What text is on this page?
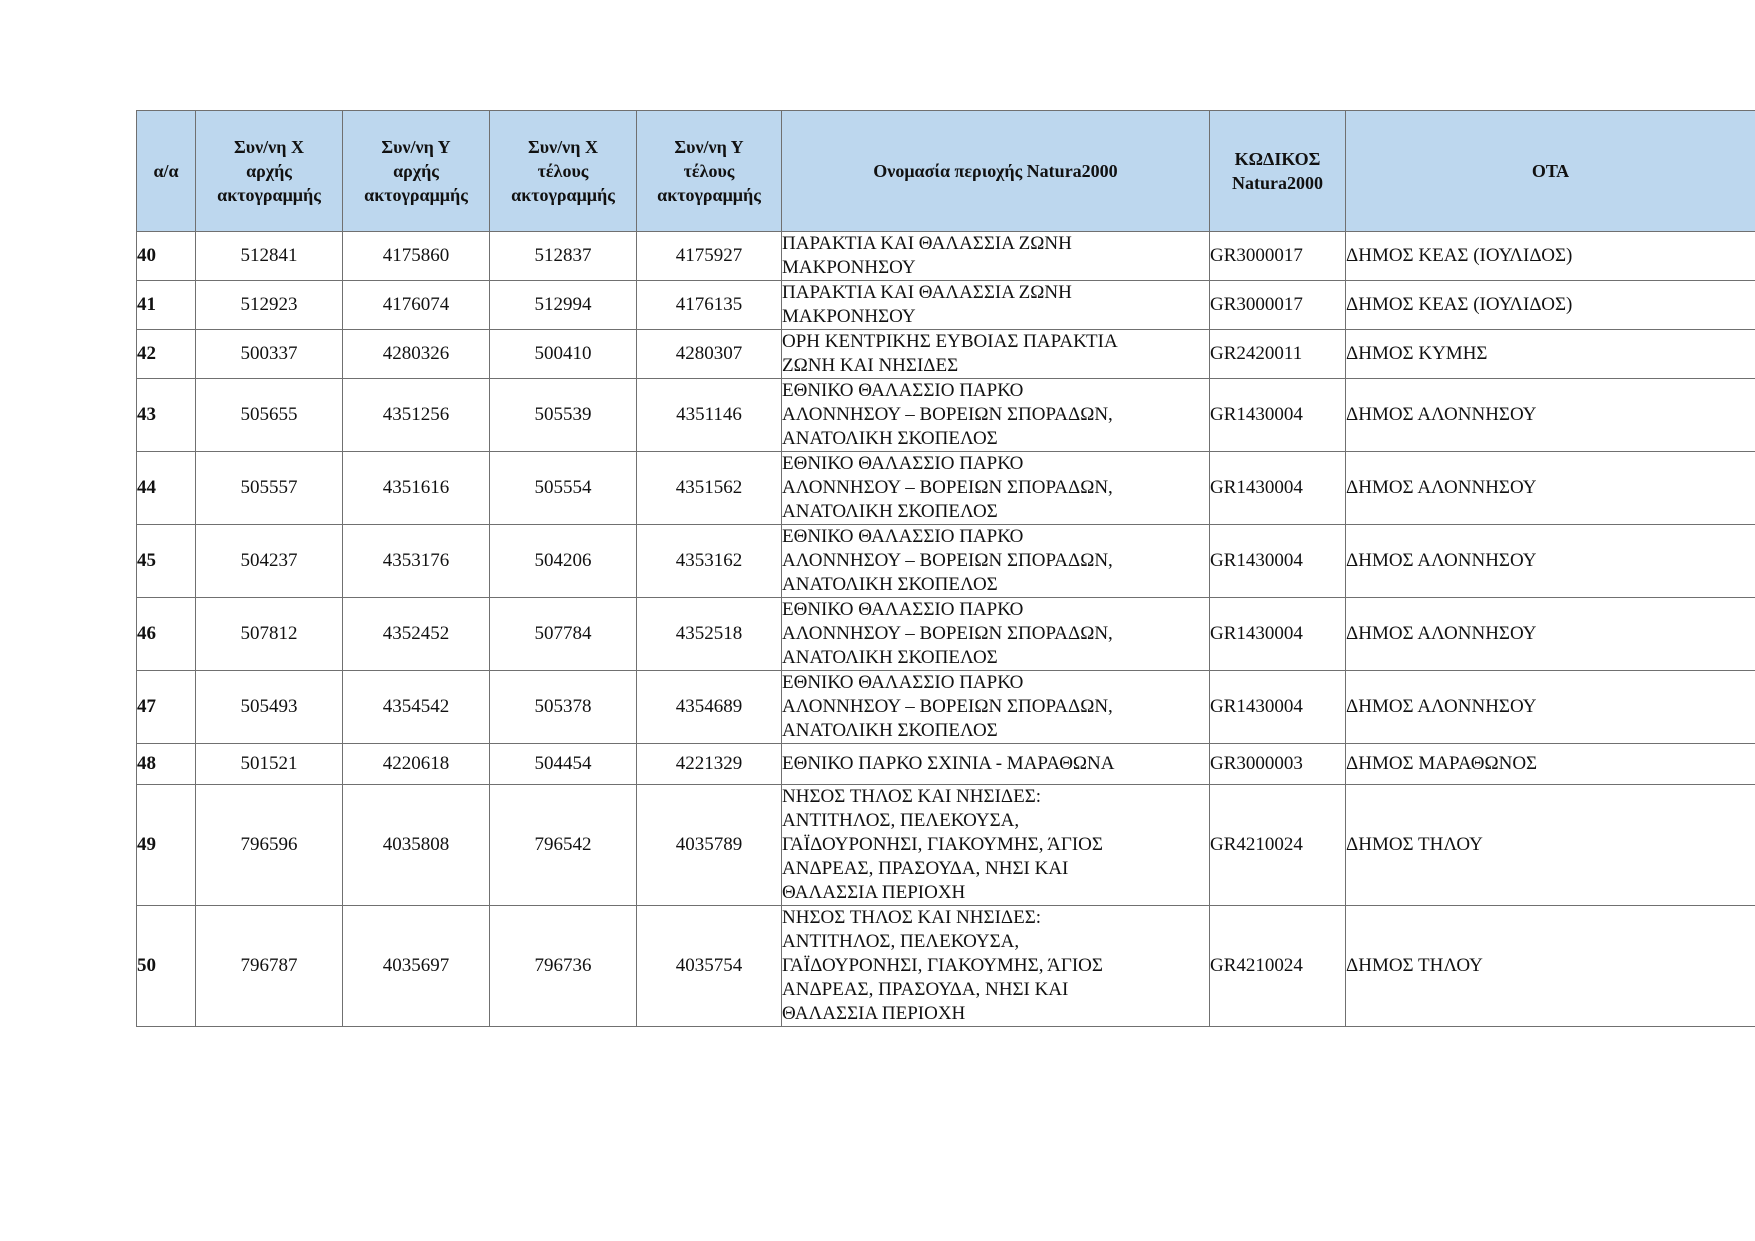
α/α	Συν/νη Χ
αρχής
ακτογραμμής	Συν/νη Υ
αρχής
ακτογραμμής	Συν/νη Χ
τέλους
ακτογραμμής	Συν/νη Υ
τέλους
ακτογραμμής	Ονομασία περιοχής Natura2000	ΚΩΔΙΚΟΣ
Natura2000	ΟΤΑ

40	512841	4175860	512837	4175927	ΠΑΡΑΚΤΙΑ ΚΑΙ ΘΑΛΑΣΣΙΑ ΖΩΝΗ
ΜΑΚΡΟΝΗΣΟΥ	GR3000017	ΔΗΜΟΣ ΚΕΑΣ (ΙΟΥΛΙΔΟΣ)
41	512923	4176074	512994	4176135	ΠΑΡΑΚΤΙΑ ΚΑΙ ΘΑΛΑΣΣΙΑ ΖΩΝΗ
ΜΑΚΡΟΝΗΣΟΥ	GR3000017	ΔΗΜΟΣ ΚΕΑΣ (ΙΟΥΛΙΔΟΣ)
42	500337	4280326	500410	4280307	ΟΡΗ ΚΕΝΤΡΙΚΗΣ ΕΥΒΟΙΑΣ ΠΑΡΑΚΤΙΑ
ΖΩΝΗ ΚΑΙ ΝΗΣΙΔΕΣ	GR2420011	ΔΗΜΟΣ ΚΥΜΗΣ
43	505655	4351256	505539	4351146	ΕΘΝΙΚΟ ΘΑΛΑΣΣΙΟ ΠΑΡΚΟ
ΑΛΟΝΝΗΣΟΥ – ΒΟΡΕΙΩΝ ΣΠΟΡΑΔΩΝ,
ΑΝΑΤΟΛΙΚΗ ΣΚΟΠΕΛΟΣ	GR1430004	ΔΗΜΟΣ ΑΛΟΝΝΗΣΟΥ
44	505557	4351616	505554	4351562	ΕΘΝΙΚΟ ΘΑΛΑΣΣΙΟ ΠΑΡΚΟ
ΑΛΟΝΝΗΣΟΥ – ΒΟΡΕΙΩΝ ΣΠΟΡΑΔΩΝ,
ΑΝΑΤΟΛΙΚΗ ΣΚΟΠΕΛΟΣ	GR1430004	ΔΗΜΟΣ ΑΛΟΝΝΗΣΟΥ
45	504237	4353176	504206	4353162	ΕΘΝΙΚΟ ΘΑΛΑΣΣΙΟ ΠΑΡΚΟ
ΑΛΟΝΝΗΣΟΥ – ΒΟΡΕΙΩΝ ΣΠΟΡΑΔΩΝ,
ΑΝΑΤΟΛΙΚΗ ΣΚΟΠΕΛΟΣ	GR1430004	ΔΗΜΟΣ ΑΛΟΝΝΗΣΟΥ
46	507812	4352452	507784	4352518	ΕΘΝΙΚΟ ΘΑΛΑΣΣΙΟ ΠΑΡΚΟ
ΑΛΟΝΝΗΣΟΥ – ΒΟΡΕΙΩΝ ΣΠΟΡΑΔΩΝ,
ΑΝΑΤΟΛΙΚΗ ΣΚΟΠΕΛΟΣ	GR1430004	ΔΗΜΟΣ ΑΛΟΝΝΗΣΟΥ
47	505493	4354542	505378	4354689	ΕΘΝΙΚΟ ΘΑΛΑΣΣΙΟ ΠΑΡΚΟ
ΑΛΟΝΝΗΣΟΥ – ΒΟΡΕΙΩΝ ΣΠΟΡΑΔΩΝ,
ΑΝΑΤΟΛΙΚΗ ΣΚΟΠΕΛΟΣ	GR1430004	ΔΗΜΟΣ ΑΛΟΝΝΗΣΟΥ
48	501521	4220618	504454	4221329	ΕΘΝΙΚΟ ΠΑΡΚΟ ΣΧΙΝΙΑ - ΜΑΡΑΘΩΝΑ	GR3000003	ΔΗΜΟΣ ΜΑΡΑΘΩΝΟΣ
49	796596	4035808	796542	4035789	ΝΗΣΟΣ ΤΗΛΟΣ ΚΑΙ ΝΗΣΙΔΕΣ:
ΑΝΤΙΤΗΛΟΣ, ΠΕΛΕΚΟΥΣΑ,
ΓΑΪΔΟΥΡΟΝΗΣΙ, ΓΙΑΚΟΥΜΗΣ, ΆΓΙΟΣ
ΑΝΔΡΕΑΣ, ΠΡΑΣΟΥΔΑ, ΝΗΣΙ ΚΑΙ
ΘΑΛΑΣΣΙΑ ΠΕΡΙΟΧΗ	GR4210024	ΔΗΜΟΣ ΤΗΛΟΥ
50	796787	4035697	796736	4035754	ΝΗΣΟΣ ΤΗΛΟΣ ΚΑΙ ΝΗΣΙΔΕΣ:
ΑΝΤΙΤΗΛΟΣ, ΠΕΛΕΚΟΥΣΑ,
ΓΑΪΔΟΥΡΟΝΗΣΙ, ΓΙΑΚΟΥΜΗΣ, ΆΓΙΟΣ
ΑΝΔΡΕΑΣ, ΠΡΑΣΟΥΔΑ, ΝΗΣΙ ΚΑΙ
ΘΑΛΑΣΣΙΑ ΠΕΡΙΟΧΗ	GR4210024	ΔΗΜΟΣ ΤΗΛΟΥ
